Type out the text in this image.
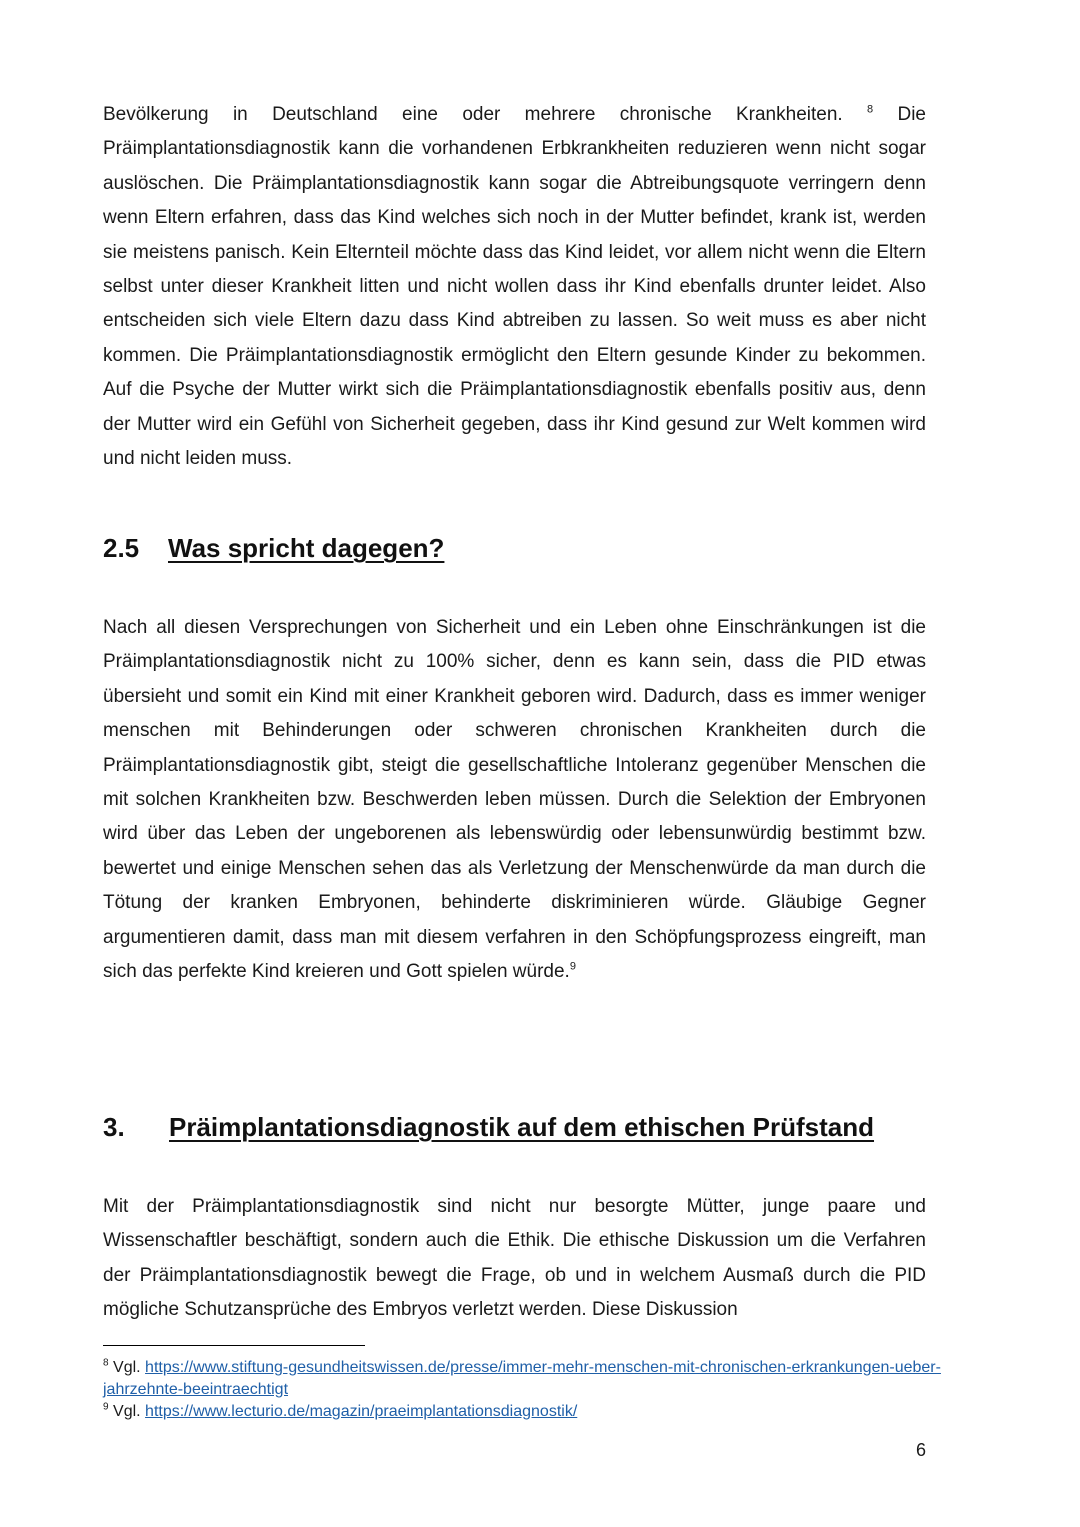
Bevölkerung in Deutschland eine oder mehrere chronische Krankheiten. $^8$ Die Präimplantationsdiagnostik kann die vorhandenen Erbkrankheiten reduzieren wenn nicht sogar auslöschen. Die Präimplantationsdiagnostik kann sogar die Abtreibungsquote verringern denn wenn Eltern erfahren, dass das Kind welches sich noch in der Mutter befindet, krank ist, werden sie meistens panisch. Kein Elternteil möchte dass das Kind leidet, vor allem nicht wenn die Eltern selbst unter dieser Krankheit litten und nicht wollen dass ihr Kind ebenfalls drunter leidet. Also entscheiden sich viele Eltern dazu dass Kind abtreiben zu lassen. So weit muss es aber nicht kommen. Die Präimplantationsdiagnostik ermöglicht den Eltern gesunde Kinder zu bekommen. Auf die Psyche der Mutter wirkt sich die Präimplantationsdiagnostik ebenfalls positiv aus, denn der Mutter wird ein Gefühl von Sicherheit gegeben, dass ihr Kind gesund zur Welt kommen wird und nicht leiden muss.

2.5 Was spricht dagegen?

Nach all diesen Versprechungen von Sicherheit und ein Leben ohne Einschränkungen ist die Präimplantationsdiagnostik nicht zu 100% sicher, denn es kann sein, dass die PID etwas übersieht und somit ein Kind mit einer Krankheit geboren wird. Dadurch, dass es immer weniger menschen mit Behinderungen oder schweren chronischen Krankheiten durch die Präimplantationsdiagnostik gibt, steigt die gesellschaftliche Intoleranz gegenüber Menschen die mit solchen Krankheiten bzw. Beschwerden leben müssen. Durch die Selektion der Embryonen wird über das Leben der ungeborenen als lebenswürdig oder lebensunwürdig bestimmt bzw. bewertet und einige Menschen sehen das als Verletzung der Menschenwürde da man durch die Tötung der kranken Embryonen, behinderte diskriminieren würde. Gläubige Gegner argumentieren damit, dass man mit diesem verfahren in den Schöpfungsprozess eingreift, man sich das perfekte Kind kreieren und Gott spielen würde.$^9$

3. Präimplantationsdiagnostik auf dem ethischen Prüfstand

Mit der Präimplantationsdiagnostik sind nicht nur besorgte Mütter, junge paare und Wissenschaftler beschäftigt, sondern auch die Ethik. Die ethische Diskussion um die Verfahren der Präimplantationsdiagnostik bewegt die Frage, ob und in welchem Ausmaß durch die PID mögliche Schutzansprüche des Embryos verletzt werden. Diese Diskussion

$^8$ Vgl. https://www.stiftung-gesundheitswissen.de/presse/immer-mehr-menschen-mit-chronischen-erkrankungen-ueber-jahrzehnte-beeintraechtigt

$^9$ Vgl. https://www.lecturio.de/magazin/praeimplantationsdiagnostik/

6
